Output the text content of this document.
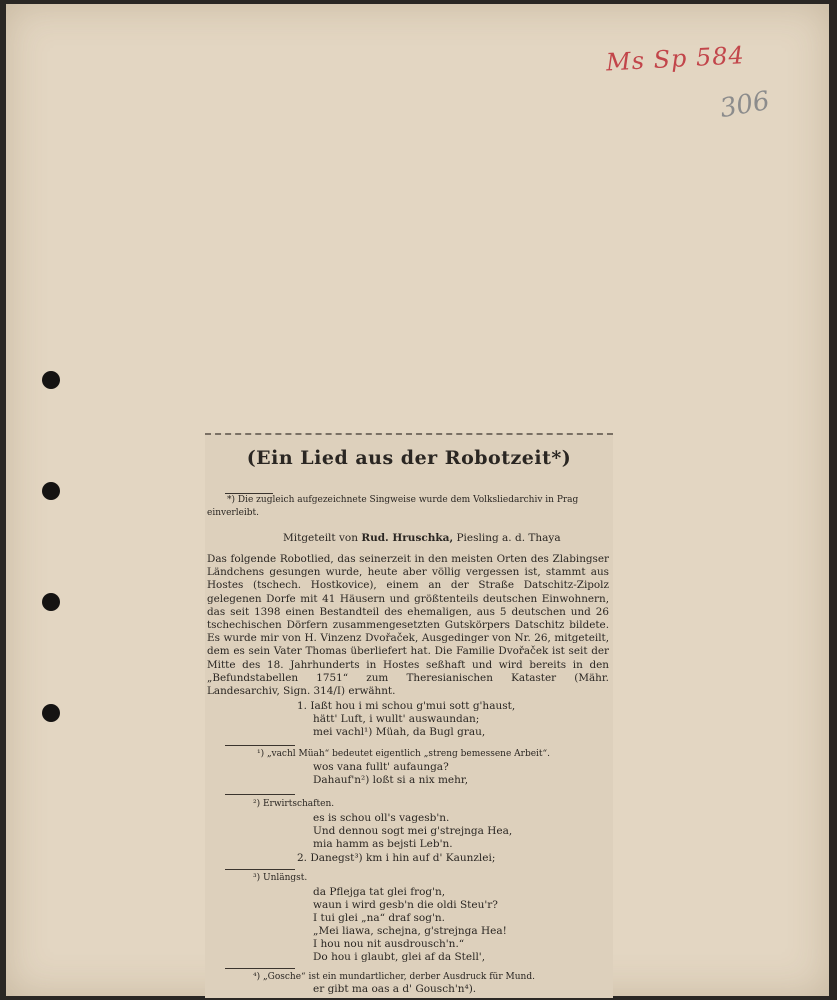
Ms Sp 584
306
(Ein Lied aus der Robotzeit*)
*) Die zugleich aufgezeichnete Singweise wurde dem Volksliedarchiv in Prag
einverleibt.
Mitgeteilt von Rud. Hruschka, Piesling a. d. Thaya
Das folgende Robotlied, das seinerzeit in den meisten Orten des Zlabingser Ländchens gesungen wurde, heute aber völlig vergessen ist, stammt aus Hostes (tschech. Hostkovice), einem an der Straße Datschitz-Zipolz gelegenen Dorfe mit 41 Häusern und größtenteils deutschen Einwohnern, das seit 1398 einen Bestandteil des ehemaligen, aus 5 deutschen und 26 tschechischen Dörfern zusammengesetzten Gutskörpers Datschitz bildete. Es wurde mir von H. Vinzenz Dvořaček, Ausgedinger von Nr. 26, mitgeteilt, dem es sein Vater Thomas überliefert hat. Die Familie Dvořaček ist seit der Mitte des 18. Jahrhunderts in Hostes seßhaft und wird bereits in den „Befundstabellen 1751“ zum Theresianischen Kataster (Mähr. Landesarchiv, Sign. 314/I) erwähnt.
1. Iaßt hou i mi schou g'mui sott g'haust,
hätt' Luft, i wullt' auswaundan;
mei vachl¹) Müah, da Bugl grau,
¹) „vachl Müah“ bedeutet eigentlich „streng bemessene Arbeit“.
wos vana fullt' aufaunga?
Dahauf'n²) loßt si a nix mehr,
²) Erwirtschaften.
es is schou oll's vagesb'n.
Und dennou sogt mei g'strejnga Hea,
mia hamm as bejsti Leb'n.
2. Danegst³) km i hin auf d' Kaunzlei;
³) Unlängst.
da Pflejga tat glei frog'n,
waun i wird gesb'n die oldi Steu'r?
I tui glei „na“ draf sog'n.
„Mei liawa, schejna, g'strejnga Hea!
I hou nou nit ausdrousch'n.“
Do hou i glaubt, glei af da Stell',
⁴) „Gosche“ ist ein mundartlicher, derber Ausdruck für Mund.
er gibt ma oas a d' Gousch'n⁴).
